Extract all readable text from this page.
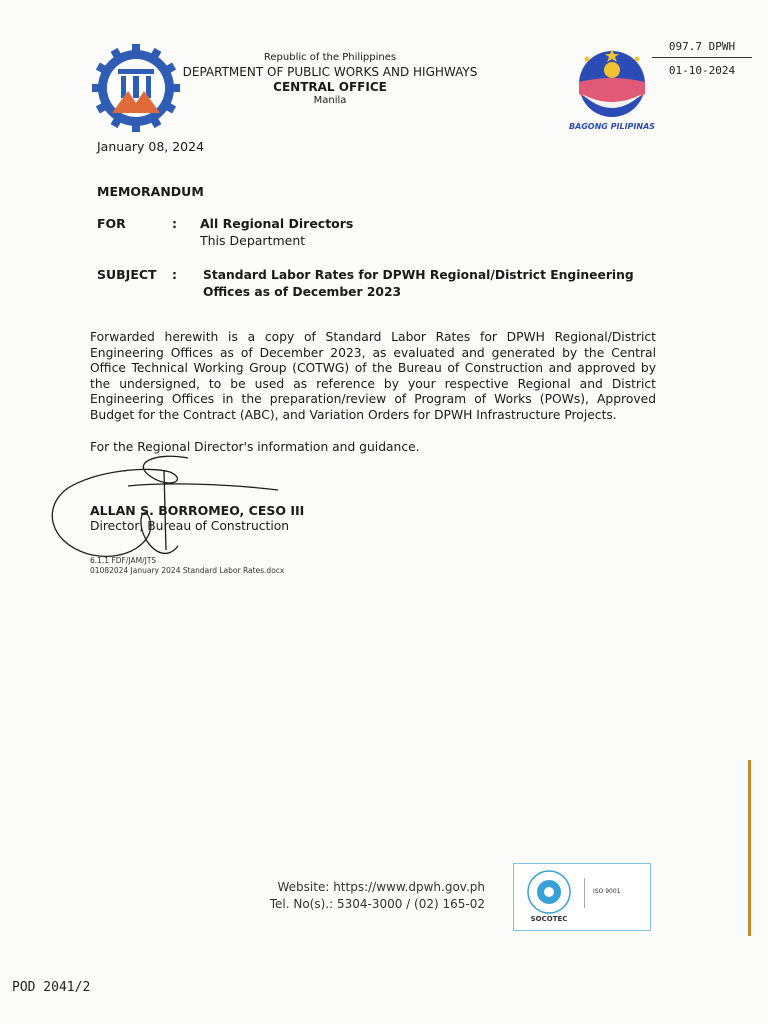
Republic of the Philippines
DEPARTMENT OF PUBLIC WORKS AND HIGHWAYS
CENTRAL OFFICE
Manila
BAGONG PILIPINAS
097.7 DPWH
01-10-2024
January 08, 2024
MEMORANDUM
FOR	: All Regional Directors
This Department
SUBJECT : Standard Labor Rates for DPWH Regional/District Engineering
Offices as of December 2023
Forwarded herewith is a copy of Standard Labor Rates for DPWH Regional/District Engineering Offices as of December 2023, as evaluated and generated by the Central Office Technical Working Group (COTWG) of the Bureau of Construction and approved by the undersigned, to be used as reference by your respective Regional and District Engineering Offices in the preparation/review of Program of Works (POWs), Approved Budget for the Contract (ABC), and Variation Orders for DPWH Infrastructure Projects.
For the Regional Director's information and guidance.
ALLAN S. BORROMEO, CESO III
Director, Bureau of Construction
6.1.1 FDF/JAM/JTS
01082024 January 2024 Standard Labor Rates.docx
Website: https://www.dpwh.gov.ph
Tel. No(s).: 5304-3000 / (02) 165-02
SOCOTEC
ISO 9001
POD 2041/2
